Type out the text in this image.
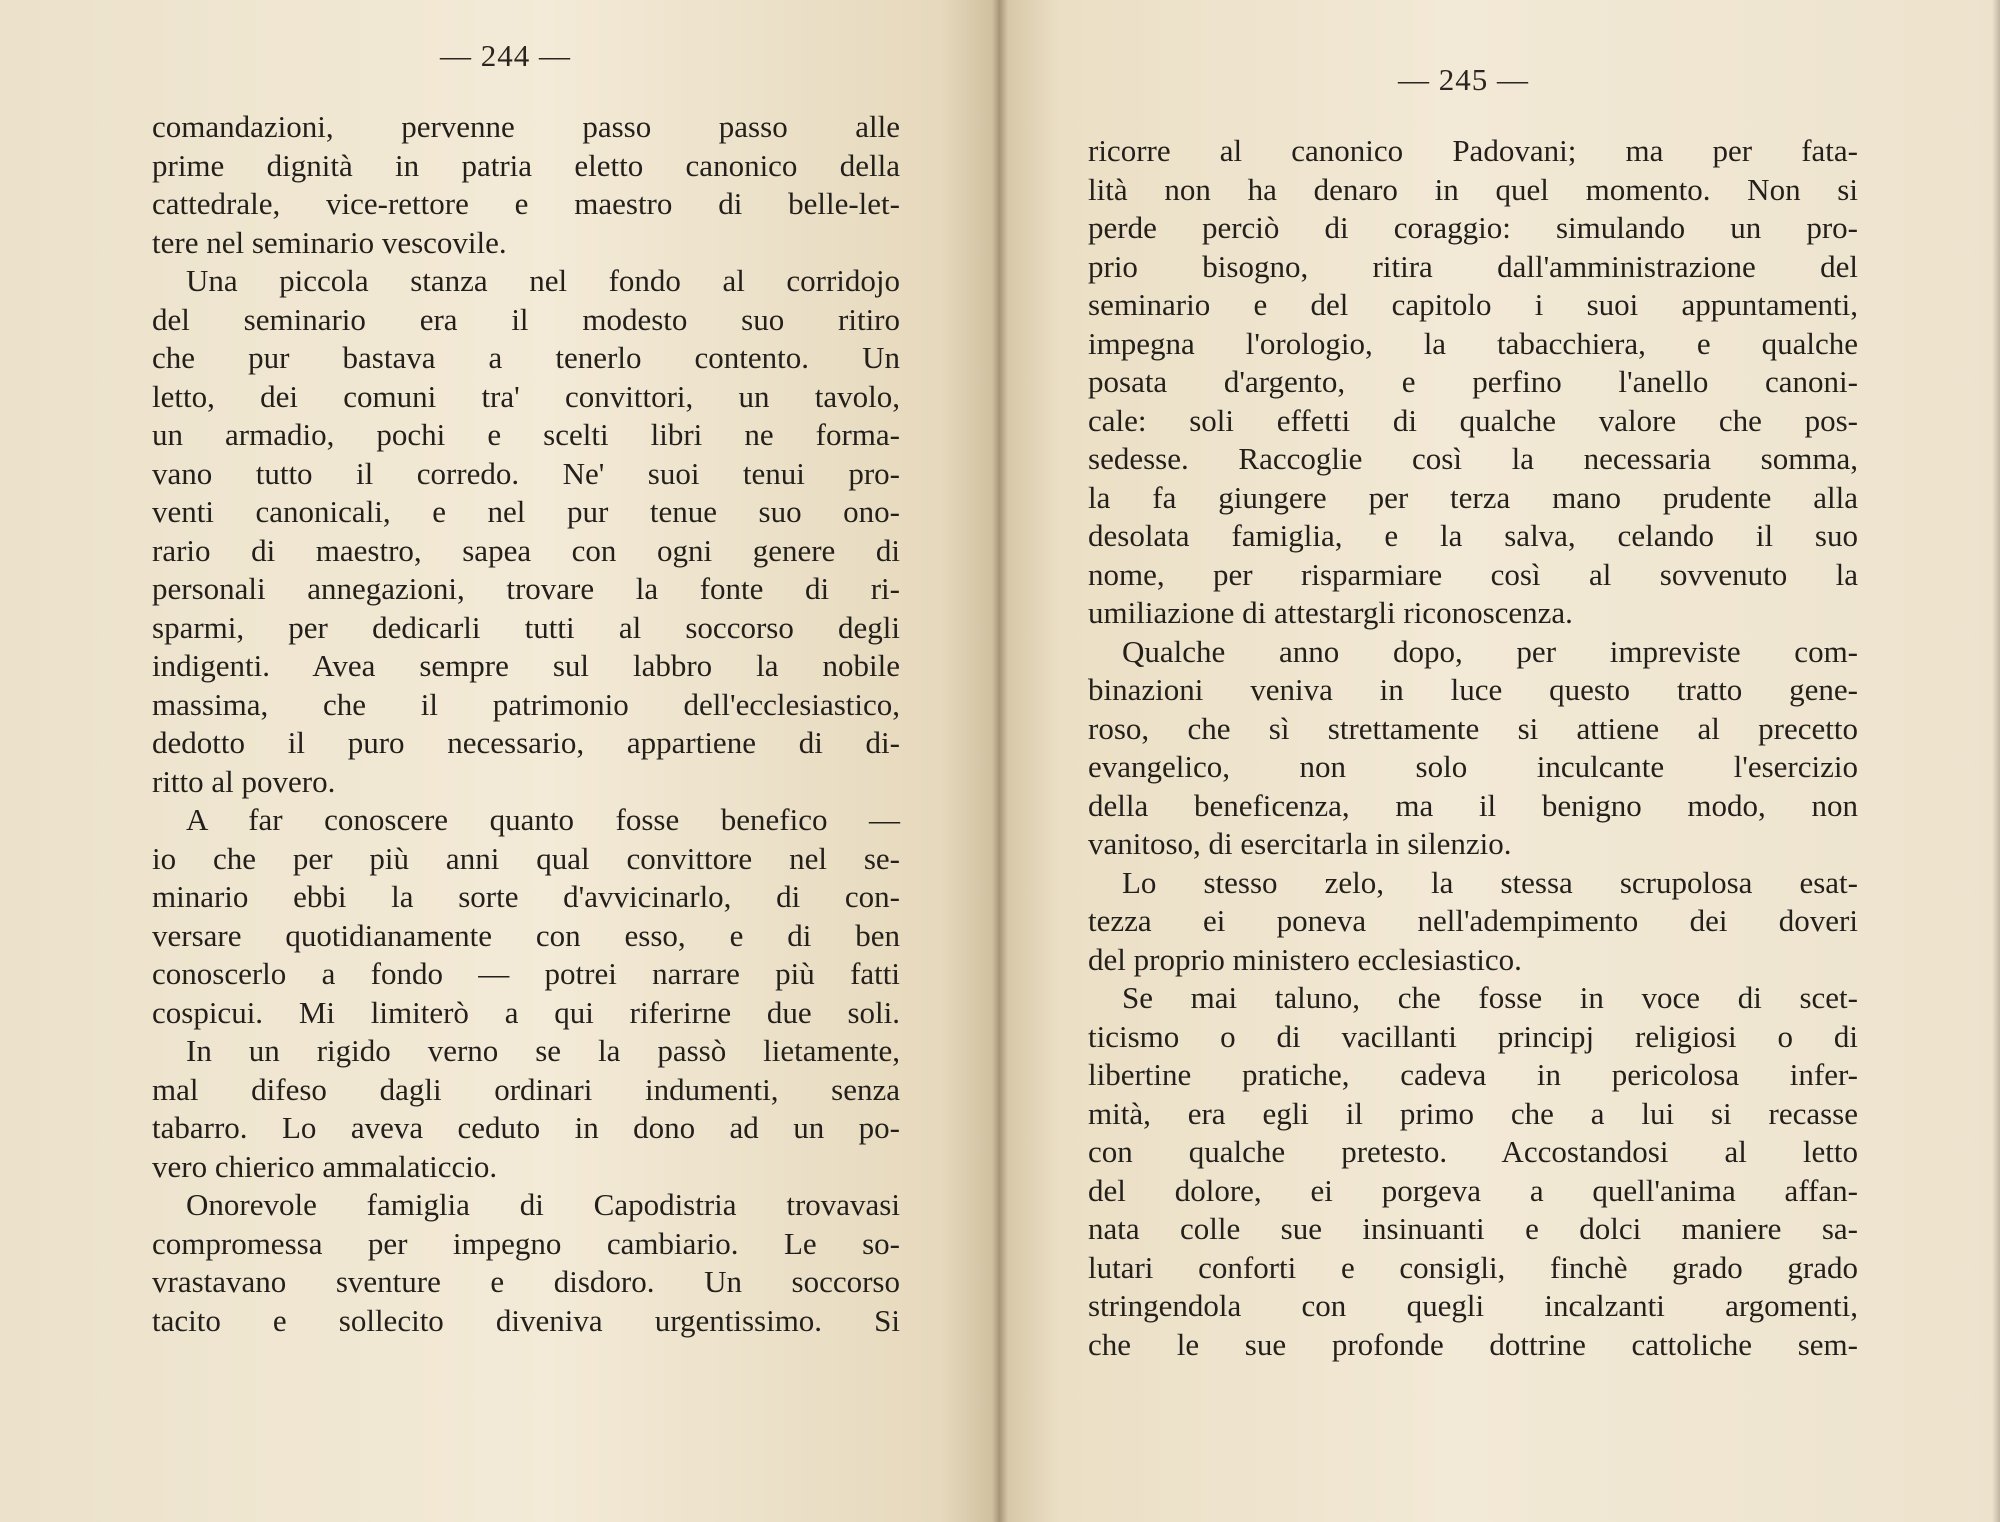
— 244 —
comandazioni, pervenne passo passo alle
prime dignità in patria eletto canonico della
cattedrale, vice-rettore e maestro di belle-let-
tere nel seminario vescovile.
Una piccola stanza nel fondo al corridojo
del seminario era il modesto suo ritiro
che pur bastava a tenerlo contento. Un
letto, dei comuni tra' convittori, un tavolo,
un armadio, pochi e scelti libri ne forma-
vano tutto il corredo. Ne' suoi tenui pro-
venti canonicali, e nel pur tenue suo ono-
rario di maestro, sapea con ogni genere di
personali annegazioni, trovare la fonte di ri-
sparmi, per dedicarli tutti al soccorso degli
indigenti. Avea sempre sul labbro la nobile
massima, che il patrimonio dell'ecclesiastico,
dedotto il puro necessario, appartiene di di-
ritto al povero.
A far conoscere quanto fosse benefico —
io che per più anni qual convittore nel se-
minario ebbi la sorte d'avvicinarlo, di con-
versare quotidianamente con esso, e di ben
conoscerlo a fondo — potrei narrare più fatti
cospicui. Mi limiterò a qui riferirne due soli.
In un rigido verno se la passò lietamente,
mal difeso dagli ordinari indumenti, senza
tabarro. Lo aveva ceduto in dono ad un po-
vero chierico ammalaticcio.
Onorevole famiglia di Capodistria trovavasi
compromessa per impegno cambiario. Le so-
vrastavano sventure e disdoro. Un soccorso
tacito e sollecito diveniva urgentissimo. Si
— 245 —
ricorre al canonico Padovani; ma per fata-
lità non ha denaro in quel momento. Non si
perde perciò di coraggio: simulando un pro-
prio bisogno, ritira dall'amministrazione del
seminario e del capitolo i suoi appuntamenti,
impegna l'orologio, la tabacchiera, e qualche
posata d'argento, e perfino l'anello canoni-
cale: soli effetti di qualche valore che pos-
sedesse. Raccoglie così la necessaria somma,
la fa giungere per terza mano prudente alla
desolata famiglia, e la salva, celando il suo
nome, per risparmiare così al sovvenuto la
umiliazione di attestargli riconoscenza.
Qualche anno dopo, per impreviste com-
binazioni veniva in luce questo tratto gene-
roso, che sì strettamente si attiene al precetto
evangelico, non solo inculcante l'esercizio
della beneficenza, ma il benigno modo, non
vanitoso, di esercitarla in silenzio.
Lo stesso zelo, la stessa scrupolosa esat-
tezza ei poneva nell'adempimento dei doveri
del proprio ministero ecclesiastico.
Se mai taluno, che fosse in voce di scet-
ticismo o di vacillanti principj religiosi o di
libertine pratiche, cadeva in pericolosa infer-
mità, era egli il primo che a lui si recasse
con qualche pretesto. Accostandosi al letto
del dolore, ei porgeva a quell'anima affan-
nata colle sue insinuanti e dolci maniere sa-
lutari conforti e consigli, finchè grado grado
stringendola con quegli incalzanti argomenti,
che le sue profonde dottrine cattoliche sem-
